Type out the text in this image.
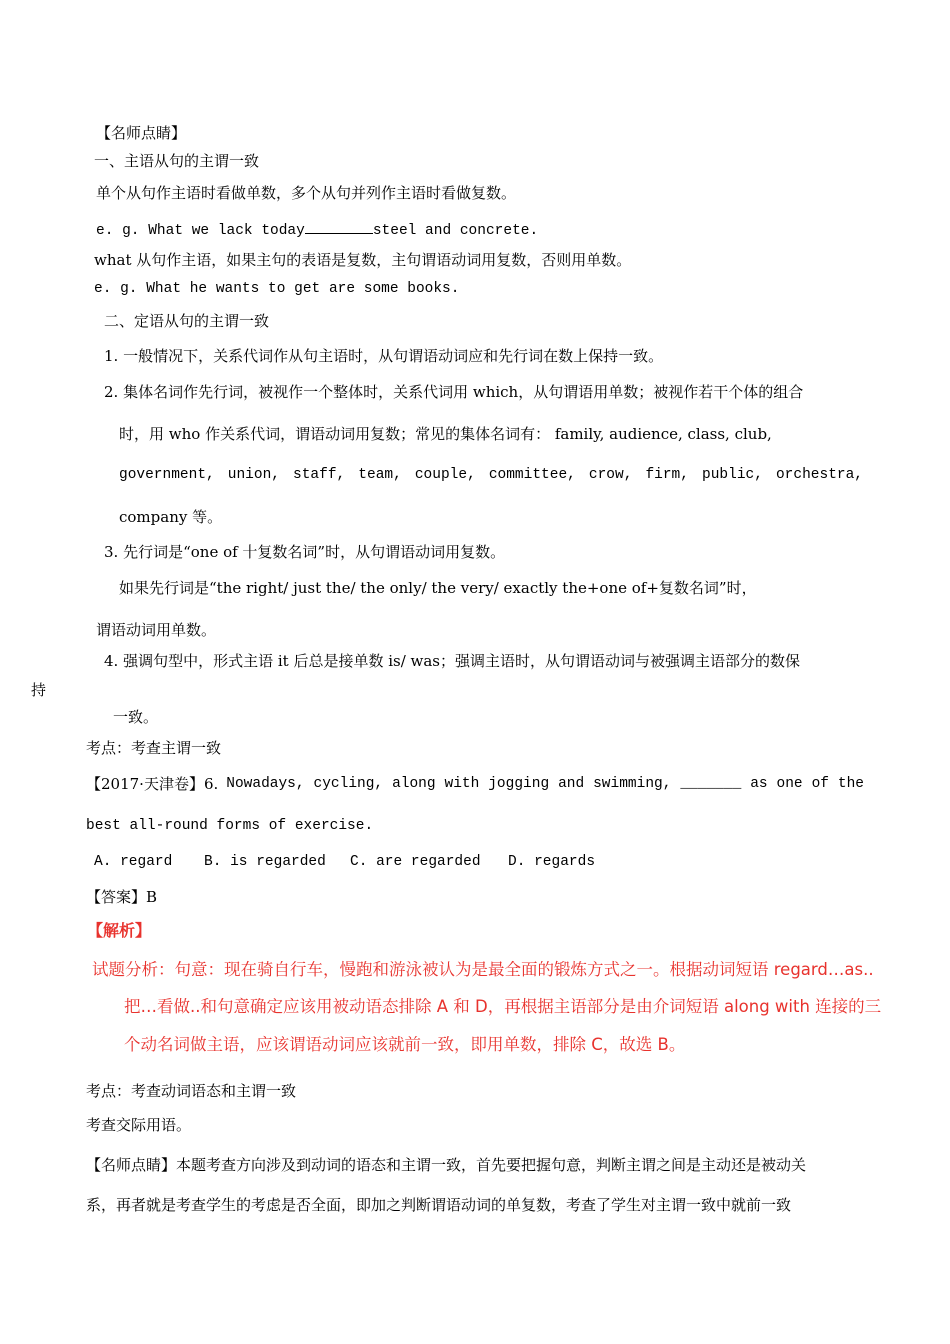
【名师点睛】
一、主语从句的主谓一致
单个从句作主语时看做单数，多个从句并列作主语时看做复数。
e. g. What we lack today	steel and concrete.
what 从句作主语，如果主句的表语是复数，主句谓语动词用复数，否则用单数。
e. g. What he wants to get are some books.
二、定语从句的主谓一致
1. 一般情况下，关系代词作从句主语时，从句谓语动词应和先行词在数上保持一致。
2. 集体名词作先行词，被视作一个整体时，关系代词用 which，从句谓语用单数；被视作若干个体的组合
时，用 who 作关系代词，谓语动词用复数；常见的集体名词有： family, audience, class, club,
government, union, staff, team, couple, committee, crow, firm, public, orchestra,
company 等。
3. 先行词是“one of 十复数名词”时，从句谓语动词用复数。
如果先行词是“the right/ just the/ the only/ the very/ exactly the+one of+复数名词”时，
谓语动词用单数。
4. 强调句型中，形式主语 it 后总是接单数 is/ was；强调主语时，从句谓语动词与被强调主语部分的数保
持
一致。
考点：考查主谓一致
【2017·天津卷】6. Nowadays, cycling, along with jogging and swimming, _______ as one of the
best all-round forms of exercise.
A. regard B. is regarded C. are regarded D. regards
【答案】B
【解析】
试题分析：句意：现在骑自行车，慢跑和游泳被认为是最全面的锻炼方式之一。根据动词短语 regard…as..
把…看做..和句意确定应该用被动语态排除 A 和 D，再根据主语部分是由介词短语 along with 连接的三
个动名词做主语，应该谓语动词应该就前一致，即用单数，排除 C，故选 B。
考点：考查动词语态和主谓一致
考查交际用语。
【名师点睛】本题考查方向涉及到动词的语态和主谓一致，首先要把握句意，判断主谓之间是主动还是被动关
系，再者就是考查学生的考虑是否全面，即加之判断谓语动词的单复数，考查了学生对主谓一致中就前一致
